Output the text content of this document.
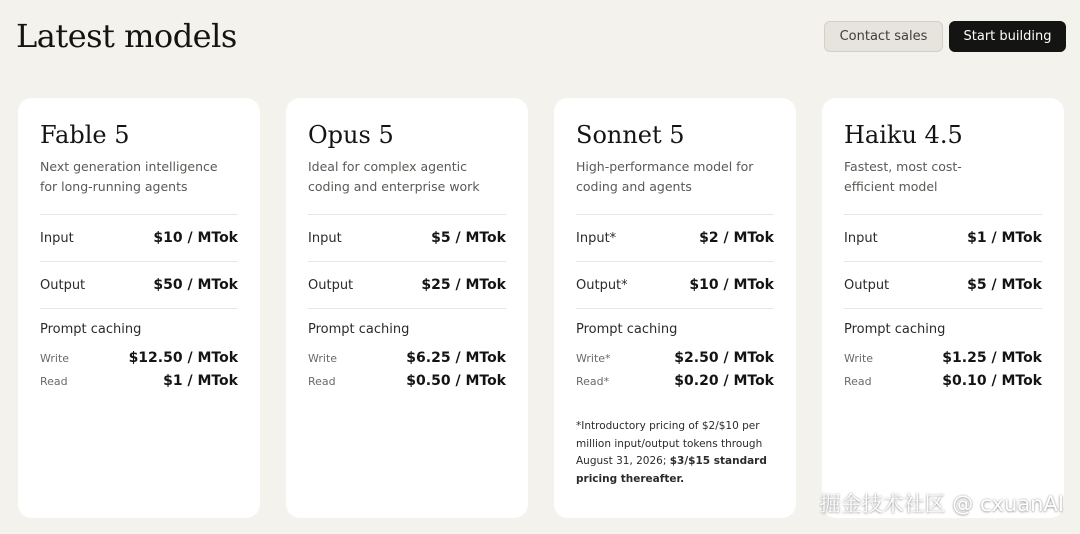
Latest models	Contact sales	Start building
Fable 5
Next generation intelligence for long-running agents
Input	$10 / MTok
Output	$50 / MTok
Prompt caching
Write	$12.50 / MTok
Read	$1 / MTok
Opus 5
Ideal for complex agentic coding and enterprise work
Input	$5 / MTok
Output	$25 / MTok
Prompt caching
Write	$6.25 / MTok
Read	$0.50 / MTok
Sonnet 5
High-performance model for coding and agents
Input*	$2 / MTok
Output*	$10 / MTok
Prompt caching
Write*	$2.50 / MTok
Read*	$0.20 / MTok
*Introductory pricing of $2/$10 per million input/output tokens through August 31, 2026; $3/$15 standard pricing thereafter.
Haiku 4.5
Fastest, most cost-efficient model
Input	$1 / MTok
Output	$5 / MTok
Prompt caching
Write	$1.25 / MTok
Read	$0.10 / MTok
掘金技术社区 @ cxuanAI
